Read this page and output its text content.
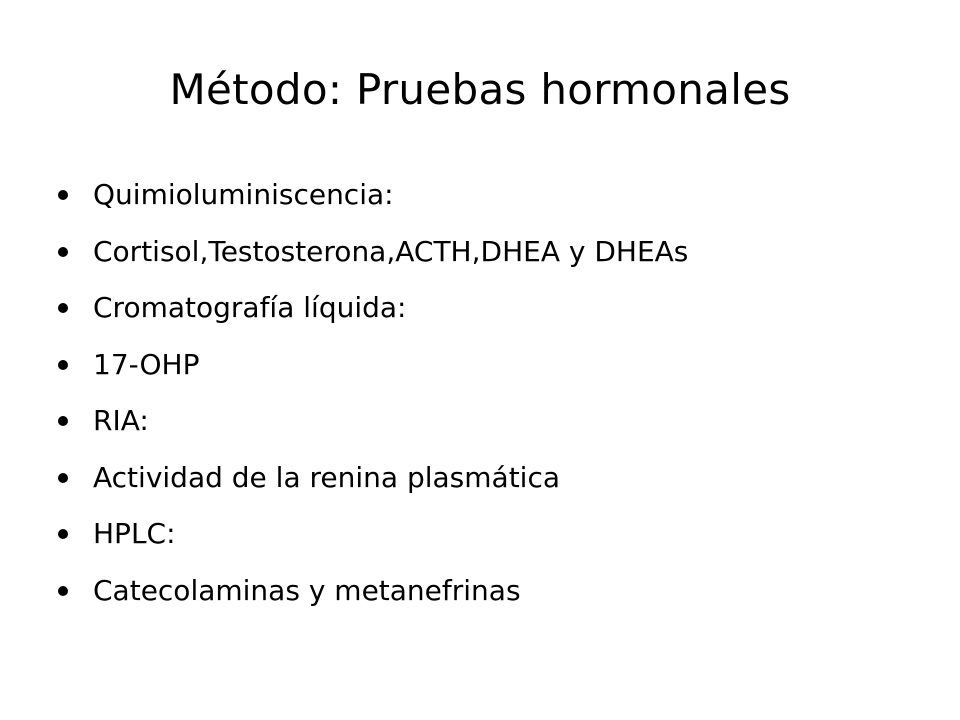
Método: Pruebas hormonales
Quimioluminiscencia:
Cortisol,Testosterona,ACTH,DHEA y DHEAs
Cromatografía líquida:
17-OHP
RIA:
Actividad de la renina plasmática
HPLC:
Catecolaminas y metanefrinas
